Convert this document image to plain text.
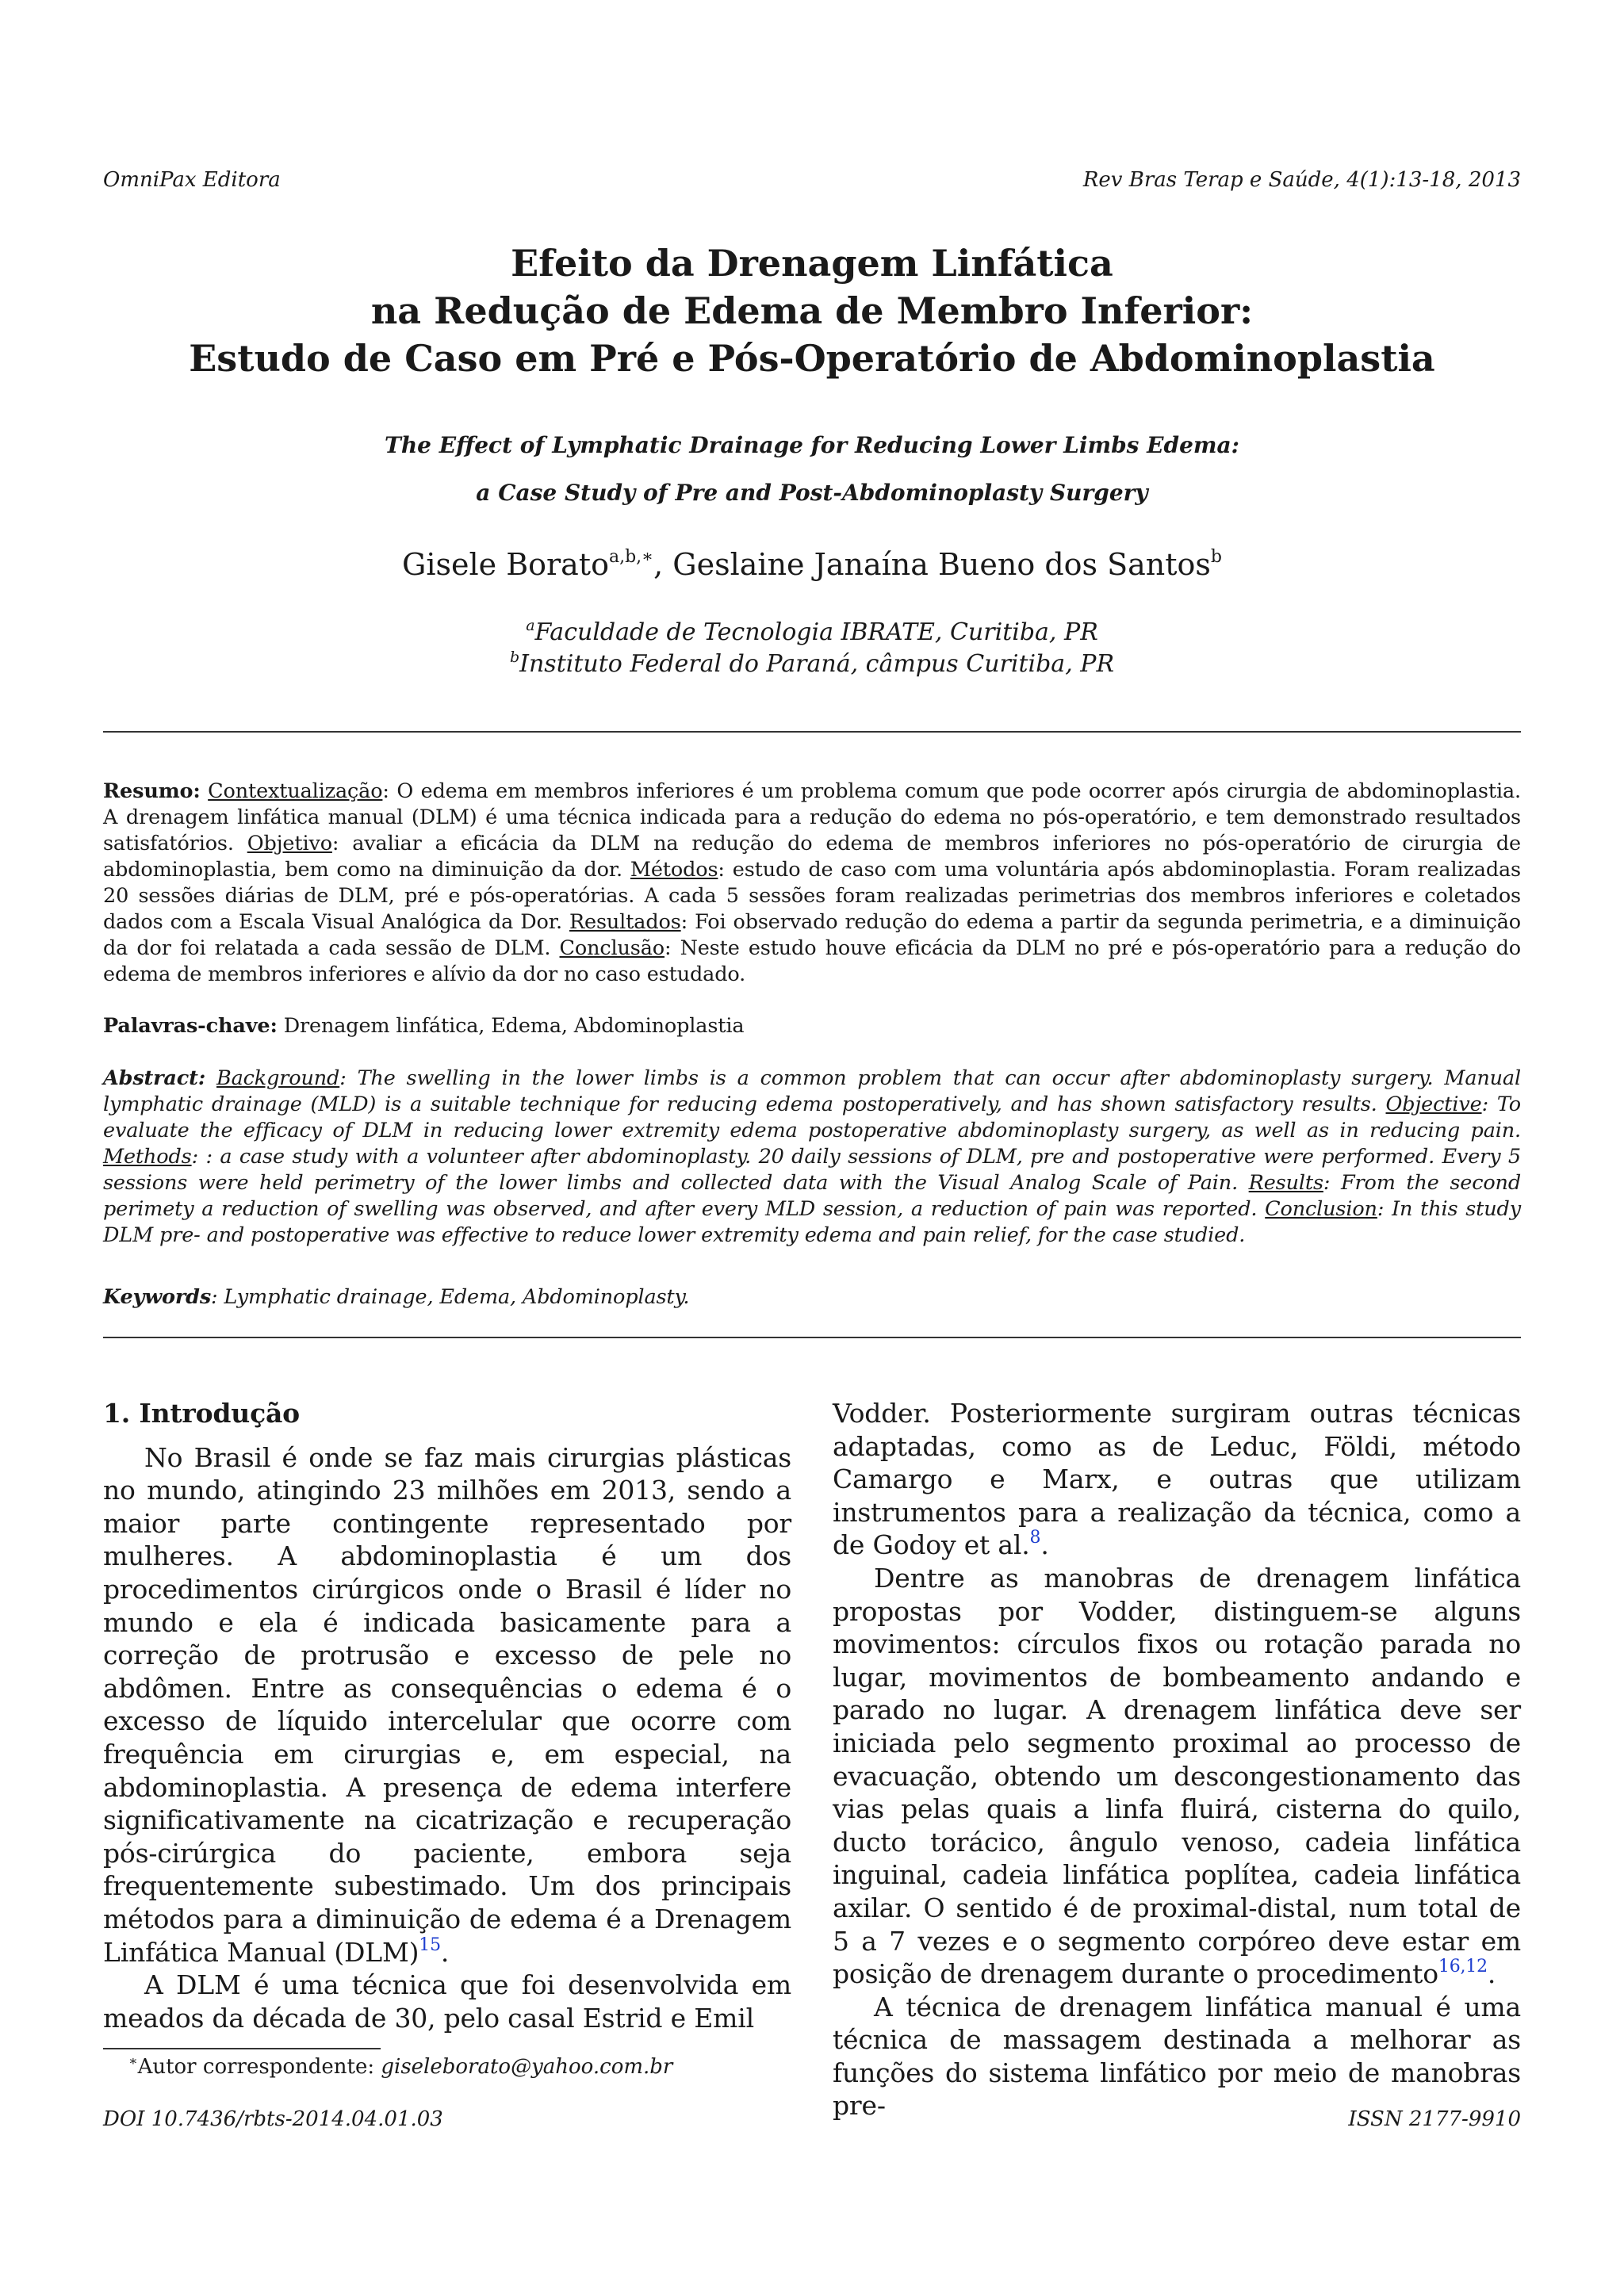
OmniPax Editora	Rev Bras Terap e Saúde, 4(1):13-18, 2013
Efeito da Drenagem Linfática
na Redução de Edema de Membro Inferior:
Estudo de Caso em Pré e Pós-Operatório de Abdominoplastia
The Effect of Lymphatic Drainage for Reducing Lower Limbs Edema:
a Case Study of Pre and Post-Abdominoplasty Surgery
Gisele Borato$^{a,b,∗}$, Geslaine Janaína Bueno dos Santos$^b$
$^a$Faculdade de Tecnologia IBRATE, Curitiba, PR
$^b$Instituto Federal do Paraná, câmpus Curitiba, PR
Resumo: Contextualização: O edema em membros inferiores é um problema comum que pode ocorrer após cirurgia de abdominoplastia. A drenagem linfática manual (DLM) é uma técnica indicada para a redução do edema no pós-operatório, e tem demonstrado resultados satisfatórios. Objetivo: avaliar a eficácia da DLM na redução do edema de membros inferiores no pós-operatório de cirurgia de abdominoplastia, bem como na diminuição da dor. Métodos: estudo de caso com uma voluntária após abdominoplastia. Foram realizadas 20 sessões diárias de DLM, pré e pós-operatórias. A cada 5 sessões foram realizadas perimetrias dos membros inferiores e coletados dados com a Escala Visual Analógica da Dor. Resultados: Foi observado redução do edema a partir da segunda perimetria, e a diminuição da dor foi relatada a cada sessão de DLM. Conclusão: Neste estudo houve eficácia da DLM no pré e pós-operatório para a redução do edema de membros inferiores e alívio da dor no caso estudado.
Palavras-chave: Drenagem linfática, Edema, Abdominoplastia
Abstract: Background: The swelling in the lower limbs is a common problem that can occur after abdominoplasty surgery. Manual lymphatic drainage (MLD) is a suitable technique for reducing edema postoperatively, and has shown satisfactory results. Objective: To evaluate the efficacy of DLM in reducing lower extremity edema postoperative abdominoplasty surgery, as well as in reducing pain. Methods: : a case study with a volunteer after abdominoplasty. 20 daily sessions of DLM, pre and postoperative were performed. Every 5 sessions were held perimetry of the lower limbs and collected data with the Visual Analog Scale of Pain. Results: From the second perimety a reduction of swelling was observed, and after every MLD session, a reduction of pain was reported. Conclusion: In this study DLM pre- and postoperative was effective to reduce lower extremity edema and pain relief, for the case studied.
Keywords: Lymphatic drainage, Edema, Abdominoplasty.
1. Introdução

No Brasil é onde se faz mais cirurgias plásticas no mundo, atingindo 23 milhões em 2013, sendo a maior parte contingente representado por mulheres. A abdominoplastia é um dos procedimentos cirúrgicos onde o Brasil é líder no mundo e ela é indicada basicamente para a correção de protrusão e excesso de pele no abdômen. Entre as consequências o edema é o excesso de líquido intercelular que ocorre com frequência em cirurgias e, em especial, na abdominoplastia. A presença de edema interfere significativamente na cicatrização e recuperação pós-cirúrgica do paciente, embora seja frequentemente subestimado. Um dos principais métodos para a diminuição de edema é a Drenagem Linfática Manual (DLM)$^{15}$.

A DLM é uma técnica que foi desenvolvida em meados da década de 30, pelo casal Estrid e Emil

Vodder. Posteriormente surgiram outras técnicas adaptadas, como as de Leduc, Földi, método Camargo e Marx, e outras que utilizam instrumentos para a realização da técnica, como a de Godoy et al.$^8$.

Dentre as manobras de drenagem linfática propostas por Vodder, distinguem-se alguns movimentos: círculos fixos ou rotação parada no lugar, movimentos de bombeamento andando e parado no lugar. A drenagem linfática deve ser iniciada pelo segmento proximal ao processo de evacuação, obtendo um descongestionamento das vias pelas quais a linfa fluirá, cisterna do quilo, ducto torácico, ângulo venoso, cadeia linfática inguinal, cadeia linfática poplítea, cadeia linfática axilar. O sentido é de proximal-distal, num total de 5 a 7 vezes e o segmento corpóreo deve estar em posição de drenagem durante o procedimento$^{16,12}$.

A técnica de drenagem linfática manual é uma técnica de massagem destinada a melhorar as funções do sistema linfático por meio de manobras pre-

∗Autor correspondente: giseleborato@yahoo.com.br
DOI 10.7436/rbts-2014.04.01.03	ISSN 2177-9910
